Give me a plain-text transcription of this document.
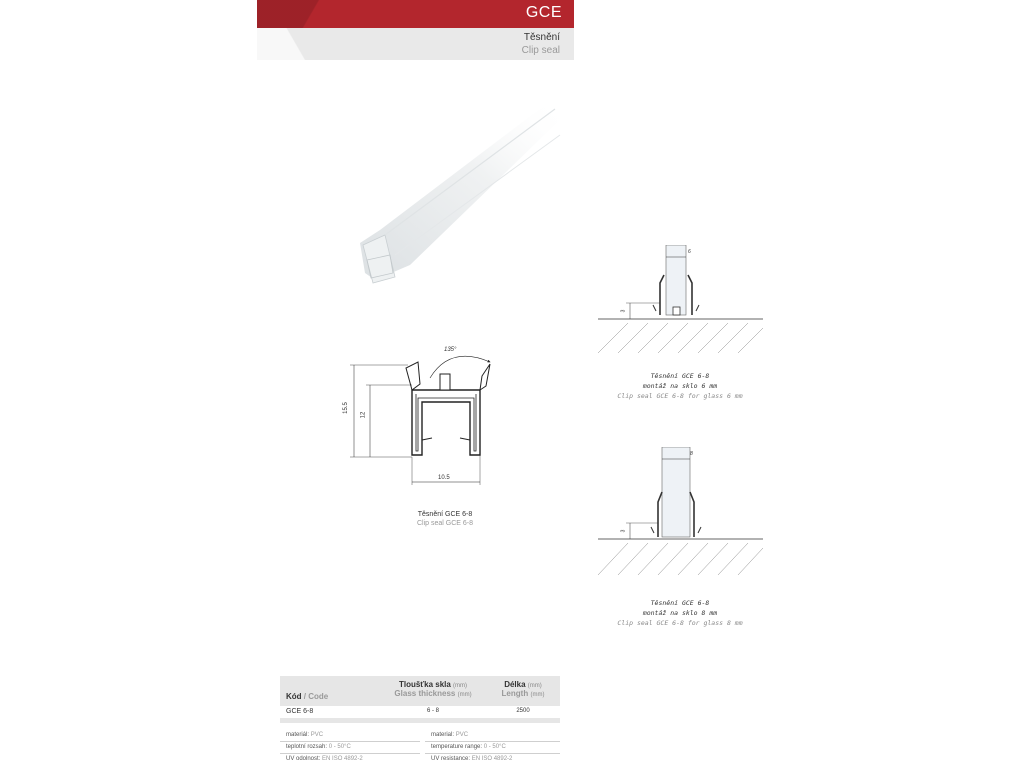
GCE
Těsnění
Clip seal
135°
15.5
12
10.5
Těsnění GCE 6-8
Clip seal GCE 6-8
6
3
Těsnění GCE 6-8
montáž na sklo 6 mm
Clip seal GCE 6-8 for glass 6 mm
8
3
Těsnění GCE 6-8
montáž na sklo 8 mm
Clip seal GCE 6-8 for glass 8 mm
Kód / Code
Tloušťka skla (mm)
Glass thickness (mm)
Délka (mm)
Length (mm)
GCE 6-8	6 - 8	2500
materiál: PVC
teplotní rozsah: 0 - 50°C
UV odolnost: EN ISO 4892-2
material: PVC
temperature range: 0 - 50°C
UV resistance: EN ISO 4892-2
